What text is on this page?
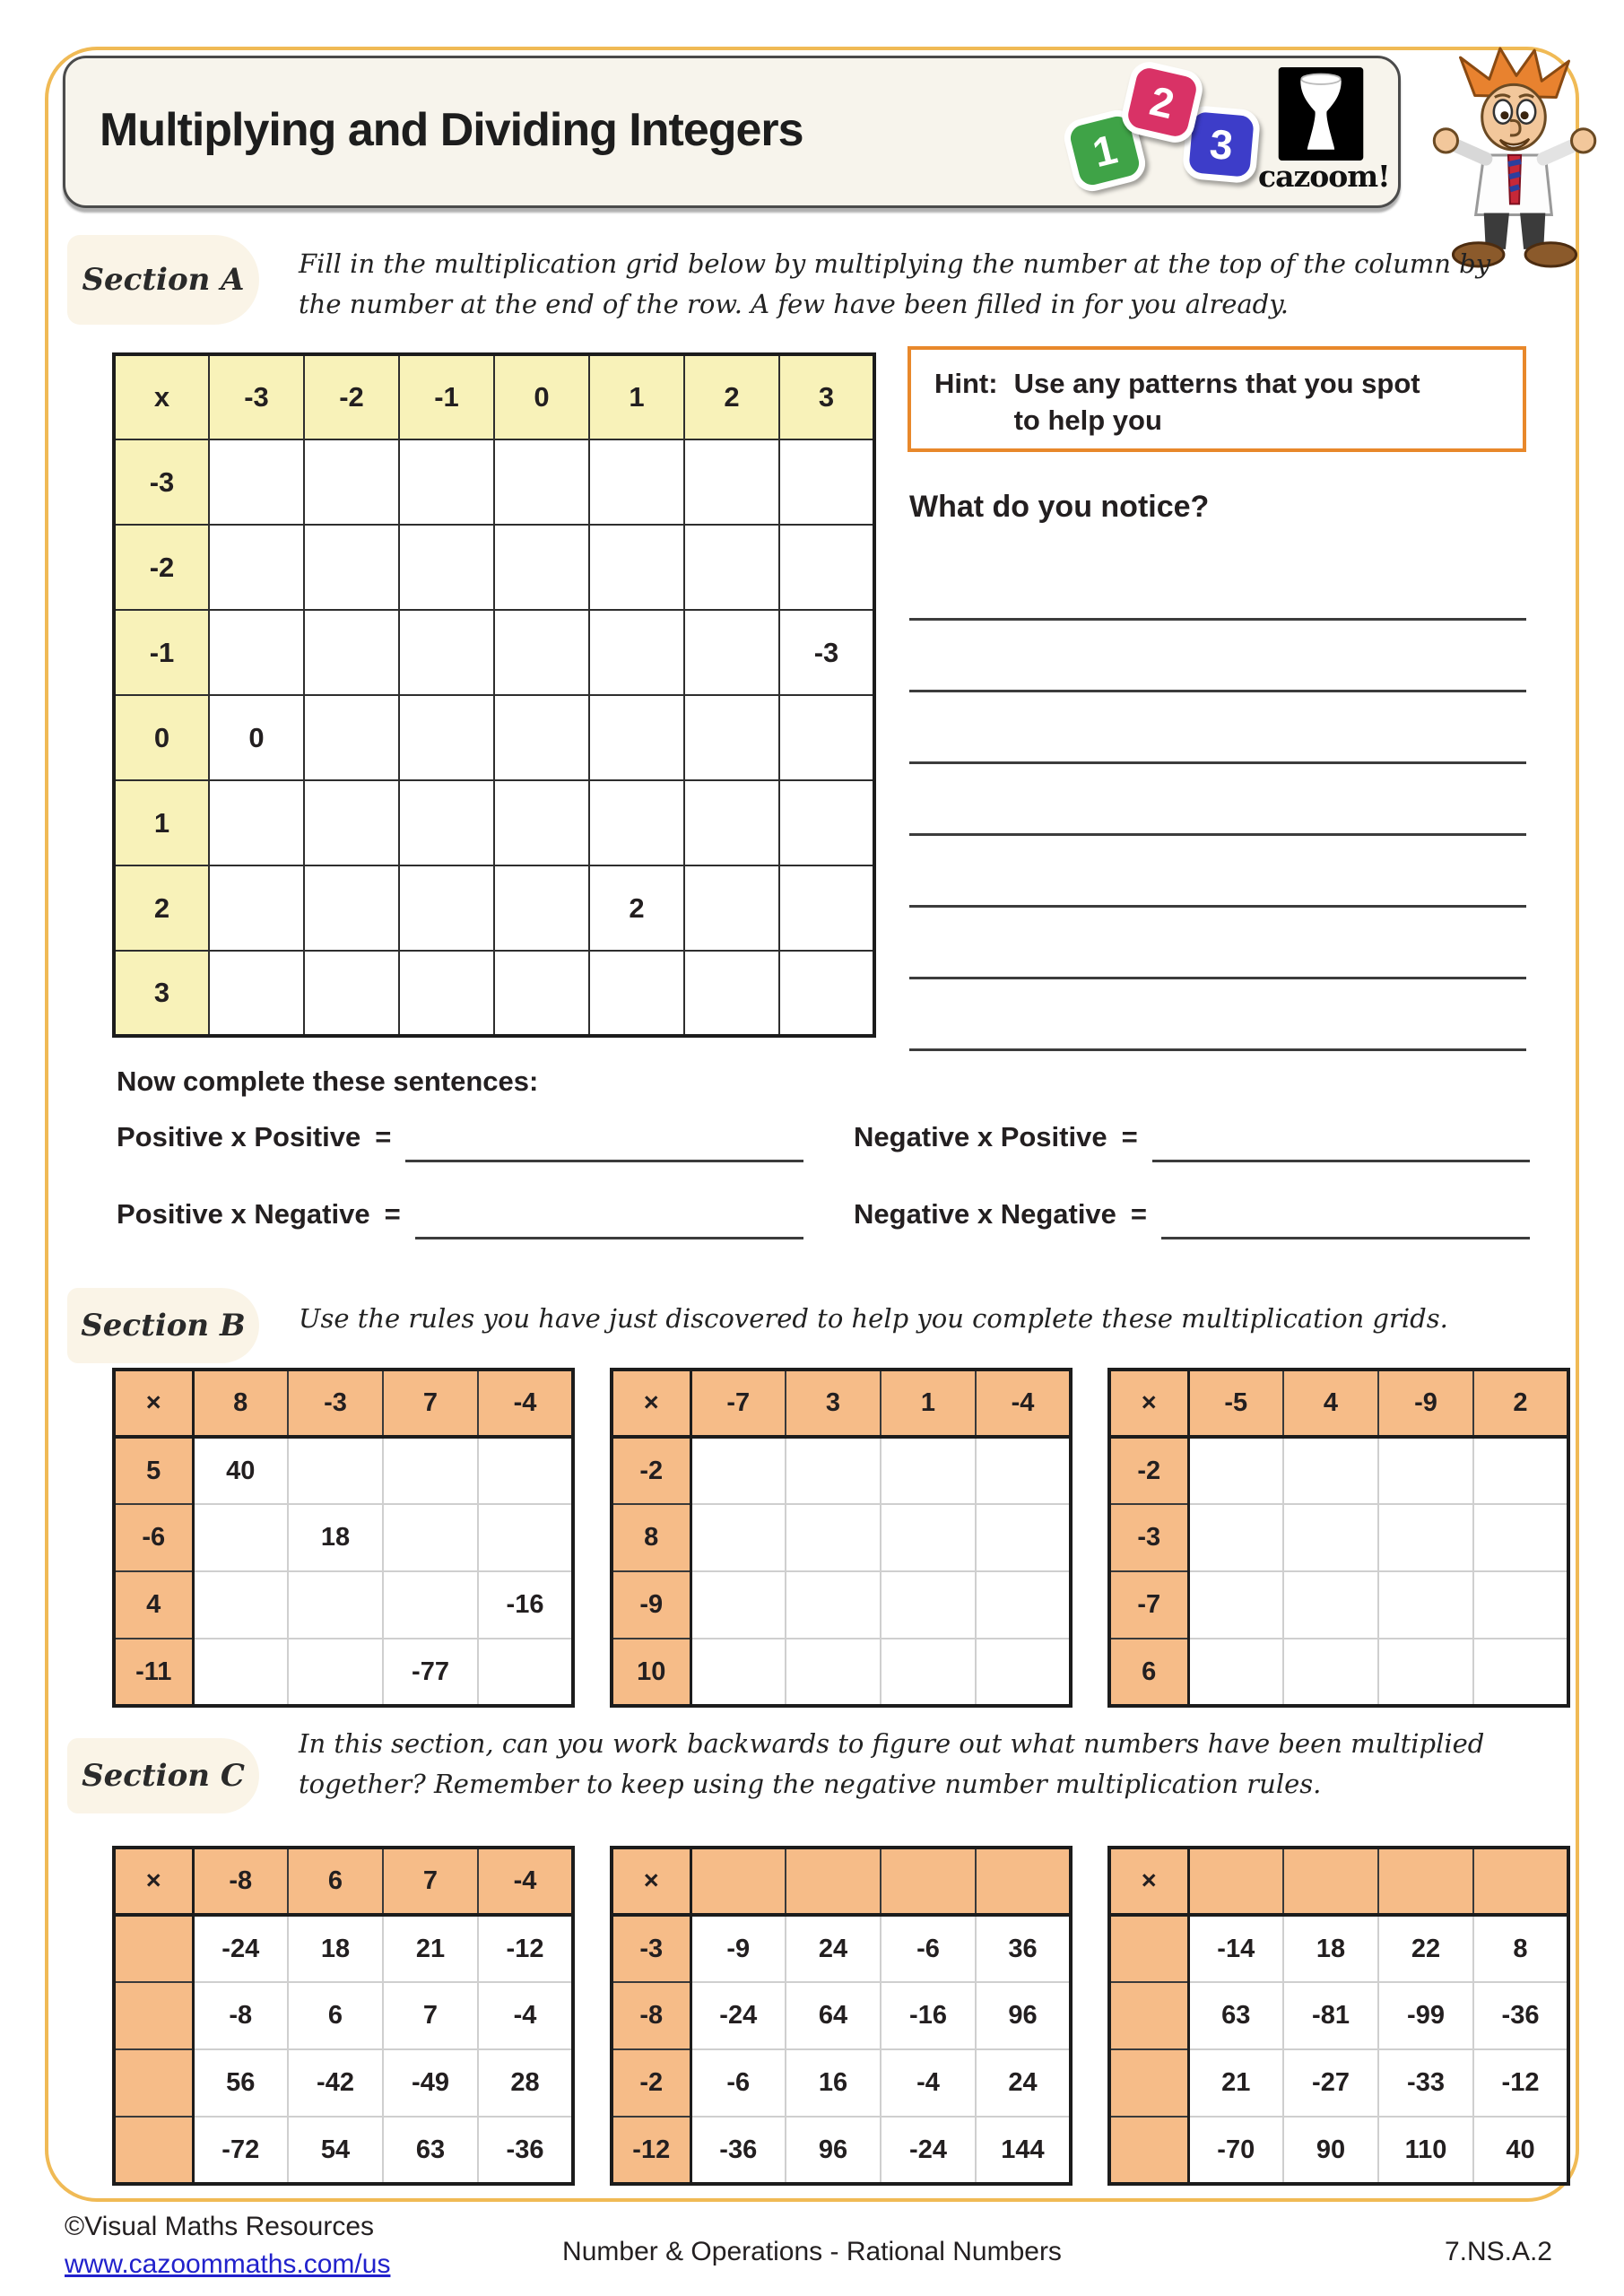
Multiplying and Dividing Integers	1
2
3
cazoom!
Section A	Fill in the multiplication grid below by multiplying the number at the top of the column by the number at the end of the row. A few have been filled in for you already.
x	-3	-2	-1	0	1	2	3
-3							
-2							
-1							-3
0	0						
1							
2					2		
3							
Hint: Use any patterns that you spot
to help you
What do you notice?
Now complete these sentences:
Positive x Positive =	Negative x Positive =
Positive x Negative =	Negative x Negative =
Section B	Use the rules you have just discovered to help you complete these multiplication grids.
×	8	-3	7	-4
5	40			
-6		18		
4				-16
-11			-77	
×	-7	3	1	-4
-2				
8				
-9				
10				
×	-5	4	-9	2
-2				
-3				
-7				
6				
Section C
In this section, can you work backwards to figure out what numbers have been multiplied together? Remember to keep using the negative number multiplication rules.
×	-8	6	7	-4
	-24	18	21	-12
	-8	6	7	-4
	56	-42	-49	28
	-72	54	63	-36
×				
-3	-9	24	-6	36
-8	-24	64	-16	96
-2	-6	16	-4	24
-12	-36	96	-24	144
×				
	-14	18	22	8
	63	-81	-99	-36
	21	-27	-33	-12
	-70	90	110	40
©Visual Maths Resources
www.cazoommaths.com/us	Number & Operations - Rational Numbers	7.NS.A.2
